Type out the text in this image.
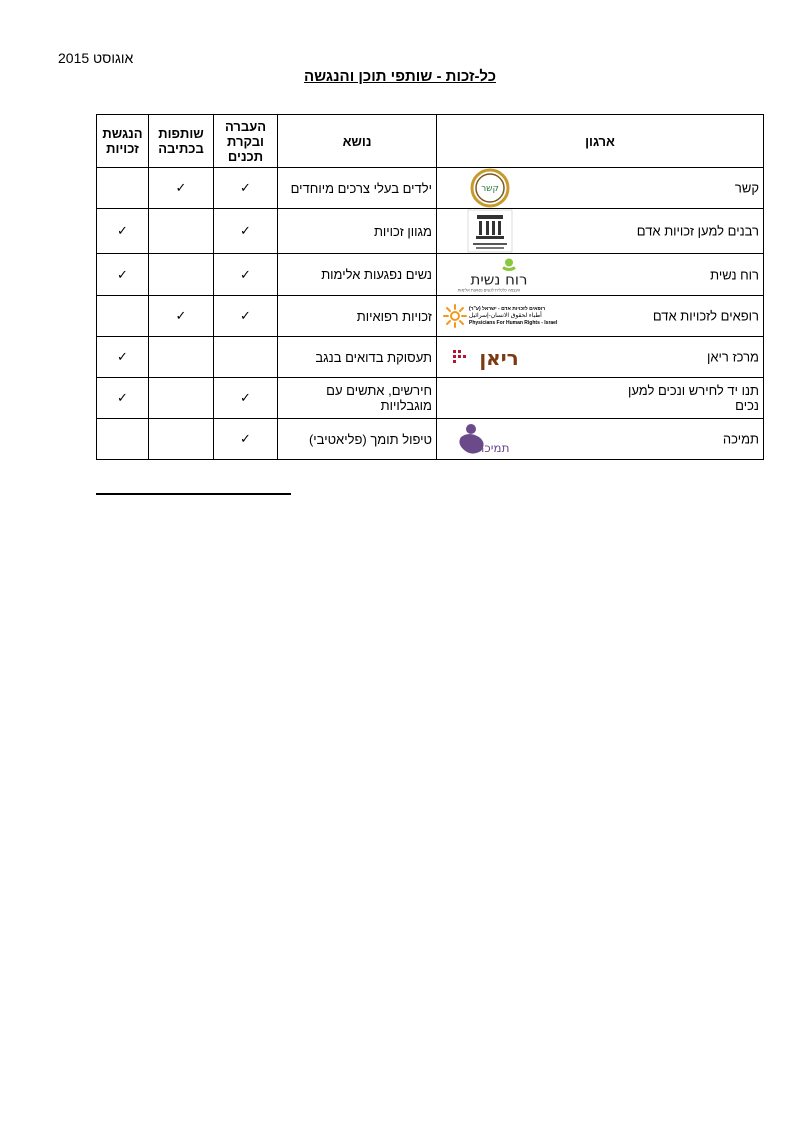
אוגוסט 2015
כל-זכות - שותפי תוכן והנגשה
ארגון	נושא	העברה ובקרת תכנים	שותפות בכתיבה	הנגשת זכויות

קשר
קשר	ילדים בעלי צרכים מיוחדים	✓	✓	

רבנים למען זכויות אדם	מגוון זכויות	✓		✓

רוח נשית
רוח נשית
העצמה כלכלית לנשים נפגעות אלימות	נשים נפגעות אלימות	✓		✓

רופאים לזכויות אדם
רופאים לזכויות אדם - ישראל (ע"ר)
أطباء لحقوق الانسان-إسرائيل
Physicians For Human Rights - Israel	זכויות רפואיות	✓	✓	

מרכז ריאן
ריאן	תעסוקת בדואים בנגב			✓

תנו יד לחירש ונכים למען נכים	חירשים, אתשים עם מוגבלויות	✓		✓

תמיכה
תמיכה	טיפול תומך (פליאטיבי)	✓		
